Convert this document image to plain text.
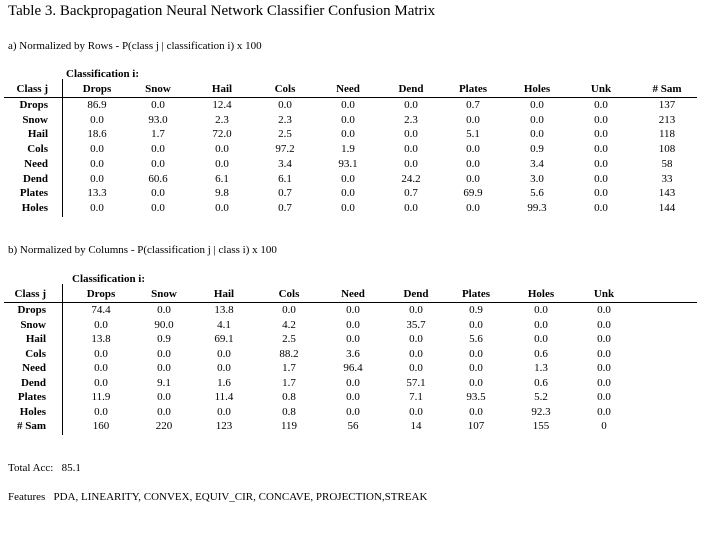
Table 3. Backpropagation Neural Network Classifier Confusion Matrix
a) Normalized by Rows - P(class j | classification i) x 100
Classification i:
Class j	Drops	Snow	Hail	Cols	Need	Dend	Plates	Holes	Unk	# Sam
Drops	86.9	0.0	12.4	0.0	0.0	0.0	0.7	0.0	0.0	137
Snow	0.0	93.0	2.3	2.3	0.0	2.3	0.0	0.0	0.0	213
Hail	18.6	1.7	72.0	2.5	0.0	0.0	5.1	0.0	0.0	118
Cols	0.0	0.0	0.0	97.2	1.9	0.0	0.0	0.9	0.0	108
Need	0.0	0.0	0.0	3.4	93.1	0.0	0.0	3.4	0.0	58
Dend	0.0	60.6	6.1	6.1	0.0	24.2	0.0	3.0	0.0	33
Plates	13.3	0.0	9.8	0.7	0.0	0.7	69.9	5.6	0.0	143
Holes	0.0	0.0	0.0	0.7	0.0	0.0	0.0	99.3	0.0	144
b) Normalized by Columns - P(classification j | class i) x 100
Classification i:
Class j	Drops	Snow	Hail	Cols	Need	Dend	Plates	Holes	Unk
Drops	74.4	0.0	13.8	0.0	0.0	0.0	0.9	0.0	0.0
Snow	0.0	90.0	4.1	4.2	0.0	35.7	0.0	0.0	0.0
Hail	13.8	0.9	69.1	2.5	0.0	0.0	5.6	0.0	0.0
Cols	0.0	0.0	0.0	88.2	3.6	0.0	0.0	0.6	0.0
Need	0.0	0.0	0.0	1.7	96.4	0.0	0.0	1.3	0.0
Dend	0.0	9.1	1.6	1.7	0.0	57.1	0.0	0.6	0.0
Plates	11.9	0.0	11.4	0.8	0.0	7.1	93.5	5.2	0.0
Holes	0.0	0.0	0.0	0.8	0.0	0.0	0.0	92.3	0.0
# Sam	160	220	123	119	56	14	107	155	0
Total Acc: 85.1
Features PDA, LINEARITY, CONVEX, EQUIV_CIR, CONCAVE, PROJECTION,STREAK
